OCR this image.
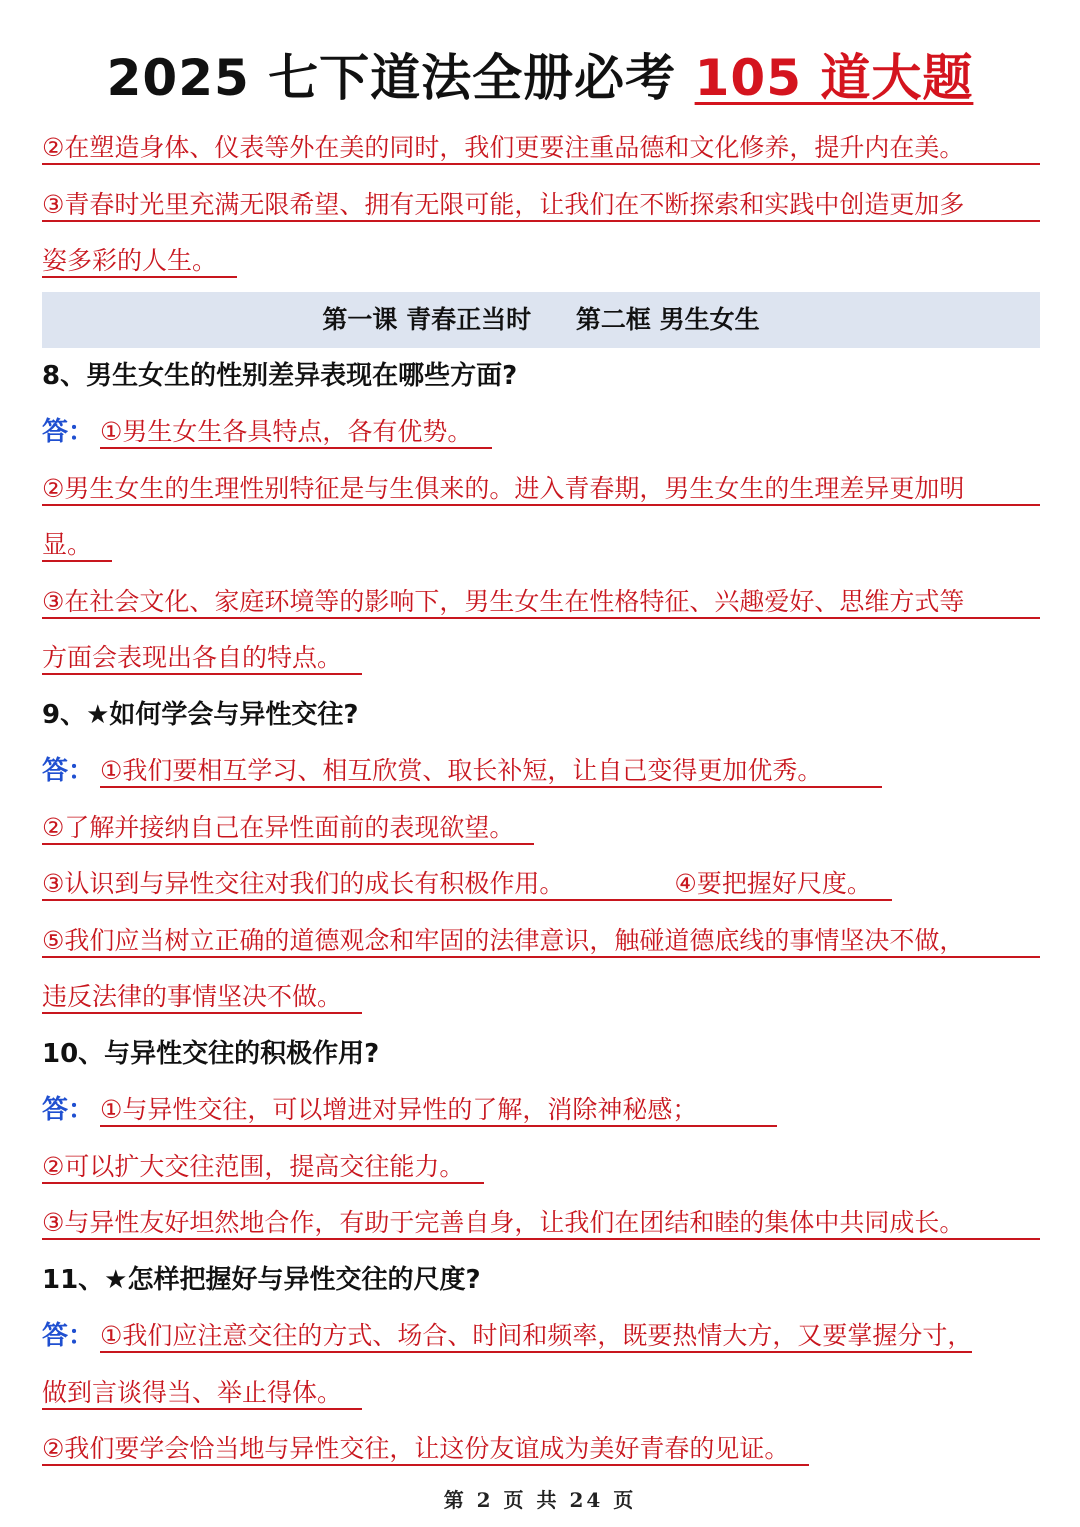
2025 七下道法全册必考 105 道大题
②在塑造身体、仪表等外在美的同时，我们更要注重品德和文化修养，提升内在美。
③青春时光里充满无限希望、拥有无限可能，让我们在不断探索和实践中创造更加多
姿多彩的人生。
第一课 青春正当时 第二框 男生女生
8、男生女生的性别差异表现在哪些方面?
答： ①男生女生各具特点，各有优势。
②男生女生的生理性别特征是与生俱来的。进入青春期，男生女生的生理差异更加明
显。
③在社会文化、家庭环境等的影响下，男生女生在性格特征、兴趣爱好、思维方式等
方面会表现出各自的特点。
9、★如何学会与异性交往?
答： ①我们要相互学习、相互欣赏、取长补短，让自己变得更加优秀。
②了解并接纳自己在异性面前的表现欲望。
③认识到与异性交往对我们的成长有积极作用。	④要把握好尺度。
⑤我们应当树立正确的道德观念和牢固的法律意识，触碰道德底线的事情坚决不做，
违反法律的事情坚决不做。
10、与异性交往的积极作用?
答： ①与异性交往，可以增进对异性的了解，消除神秘感；
②可以扩大交往范围，提高交往能力。
③与异性友好坦然地合作，有助于完善自身，让我们在团结和睦的集体中共同成长。
11、★怎样把握好与异性交往的尺度?
答： ①我们应注意交往的方式、场合、时间和频率，既要热情大方，又要掌握分寸，
做到言谈得当、举止得体。
②我们要学会恰当地与异性交往，让这份友谊成为美好青春的见证。
第 2 页 共 24 页
